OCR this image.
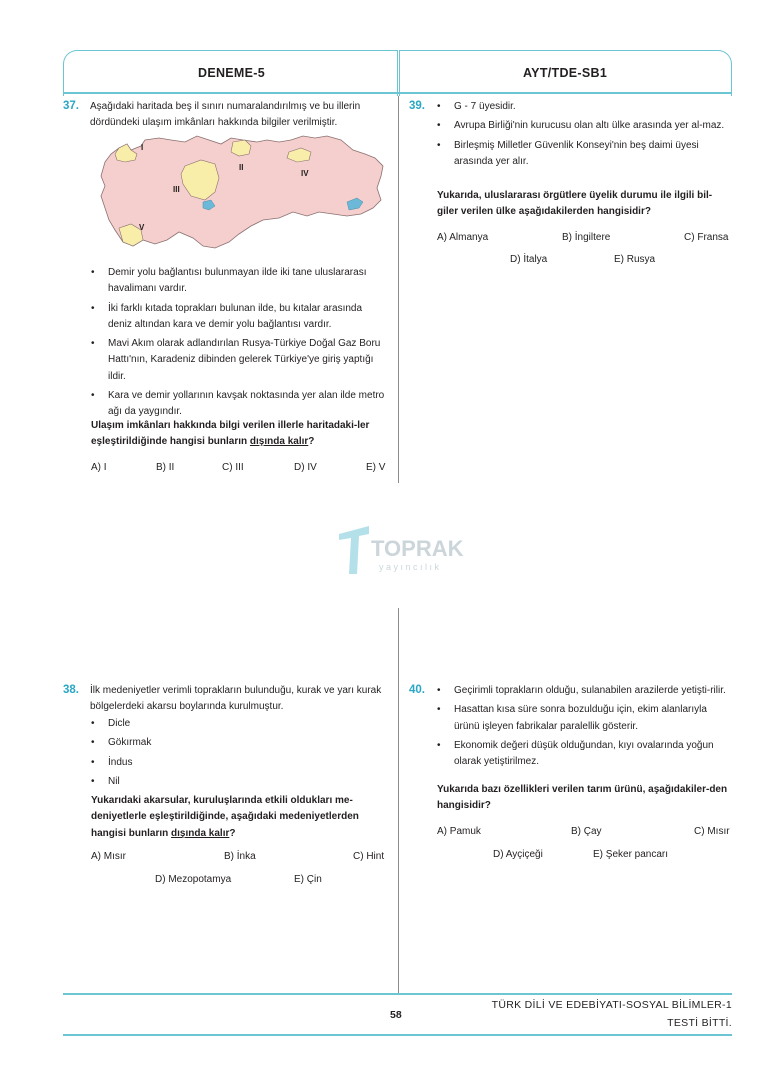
DENEME-5	AYT/TDE-SB1
37. Aşağıdaki haritada beş il sınırı numaralandırılmış ve bu illerin dördündeki ulaşım imkânları hakkında bilgiler verilmiştir.
I
II
III
IV
V
• Demir yolu bağlantısı bulunmayan ilde iki tane uluslararası havalimanı vardır.
• İki farklı kıtada toprakları bulunan ilde, bu kıtalar arasında deniz altından kara ve demir yolu bağlantısı vardır.
• Mavi Akım olarak adlandırılan Rusya-Türkiye Doğal Gaz Boru Hattı'nın, Karadeniz dibinden gelerek Türkiye'ye giriş yaptığı ildir.
• Kara ve demir yollarının kavşak noktasında yer alan ilde metro ağı da yaygındır.
Ulaşım imkânları hakkında bilgi verilen illerle haritadaki-ler eşleştirildiğinde hangisi bunların dışında kalır?
A) I	B) II	C) III	D) IV	E) V
39.	• G - 7 üyesidir.
• Avrupa Birliği'nin kurucusu olan altı ülke arasında yer al-maz.
• Birleşmiş Milletler Güvenlik Konseyi'nin beş daimi üyesi arasında yer alır.
Yukarıda, uluslararası örgütlere üyelik durumu ile ilgili bil-giler verilen ülke aşağıdakilerden hangisidir?
A) Almanya	B) İngiltere	C) Fransa
D) İtalya	E) Rusya
TOPRAK
yayıncılık
38. İlk medeniyetler verimli toprakların bulunduğu, kurak ve yarı kurak bölgelerdeki akarsu boylarında kurulmuştur.
• Dicle
• Gökırmak
• İndus
• Nil
Yukarıdaki akarsular, kuruluşlarında etkili oldukları me-deniyetlerle eşleştirildiğinde, aşağıdaki medeniyetlerden hangisi bunların dışında kalır?
A) Mısır	B) İnka	C) Hint
D) Mezopotamya	E) Çin
40.	• Geçirimli toprakların olduğu, sulanabilen arazilerde yetişti-rilir.
• Hasattan kısa süre sonra bozulduğu için, ekim alanlarıyla ürünü işleyen fabrikalar paralellik gösterir.
• Ekonomik değeri düşük olduğundan, kıyı ovalarında yoğun olarak yetiştirilmez.
Yukarıda bazı özellikleri verilen tarım ürünü, aşağıdakiler-den hangisidir?
A) Pamuk	B) Çay	C) Mısır
D) Ayçiçeği	E) Şeker pancarı
58
TÜRK DİLİ VE EDEBİYATI-SOSYAL BİLİMLER-1
TESTİ BİTTİ.
